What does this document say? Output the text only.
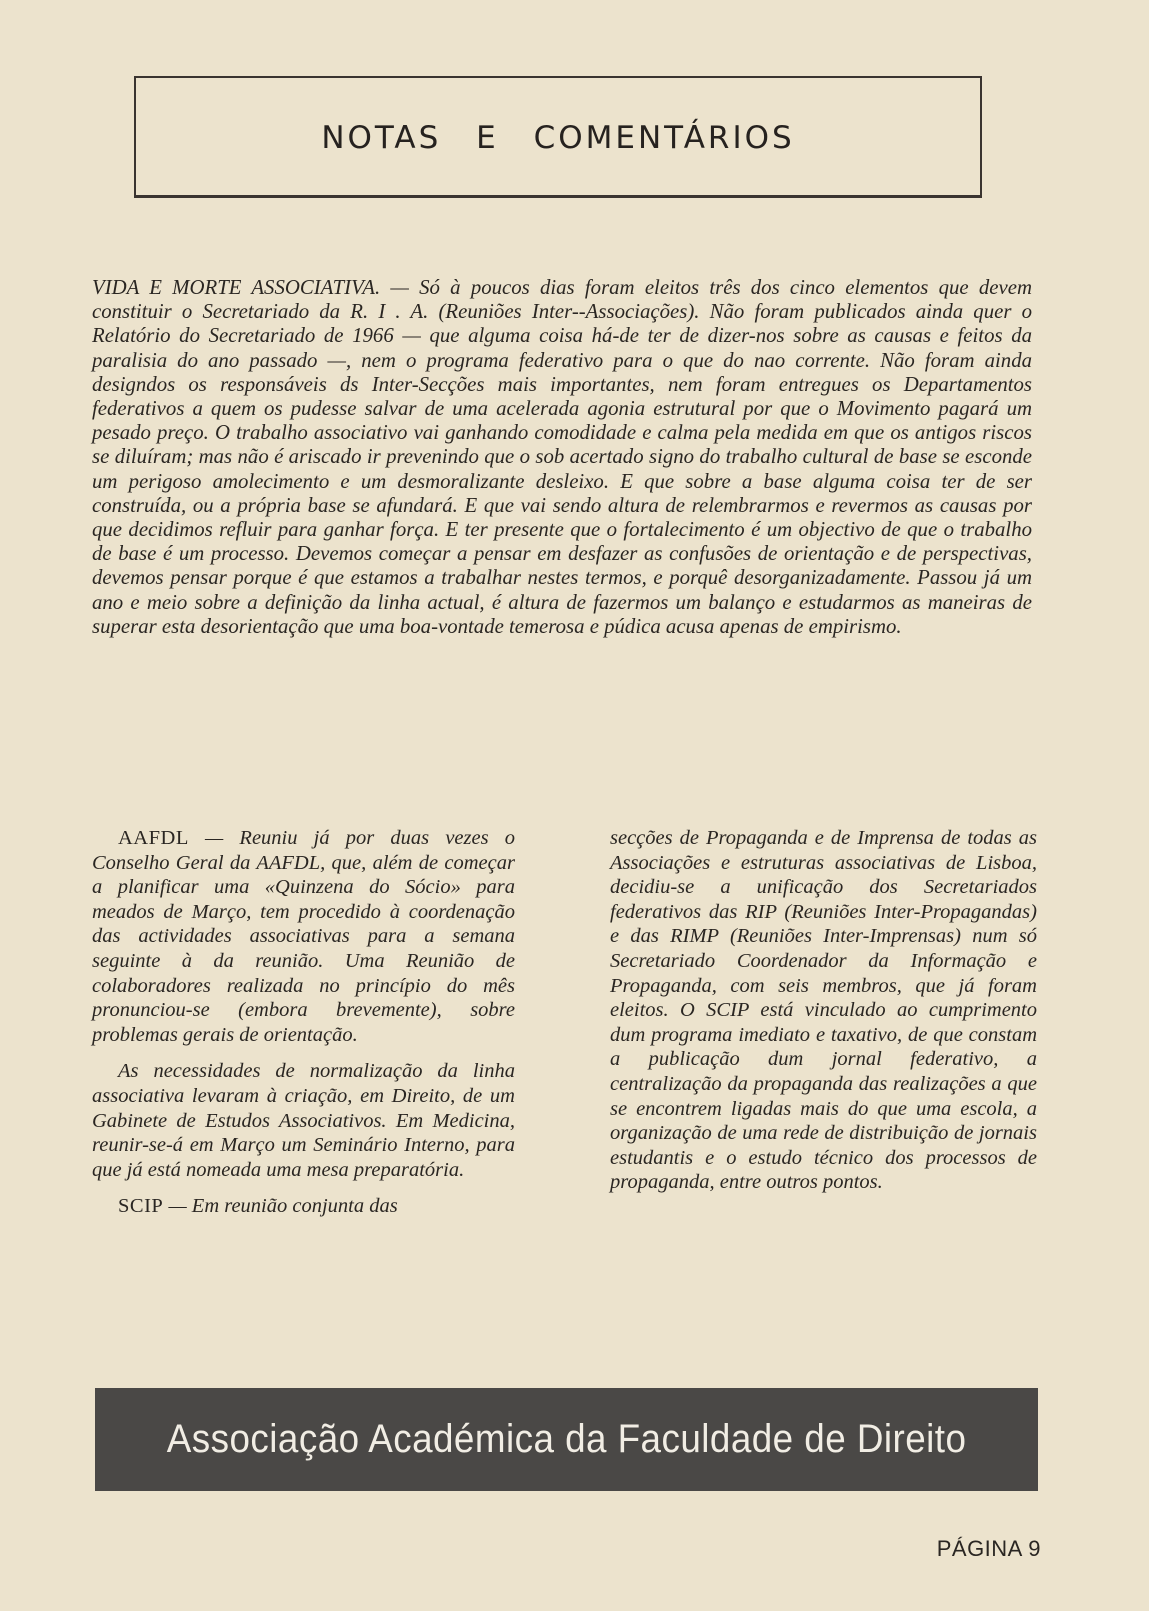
NOTAS E COMENTÁRIOS
VIDA E MORTE ASSOCIATIVA. — Só à poucos dias foram eleitos três dos cinco elementos que devem constituir o Secretariado da R. I . A. (Reuniões Inter--Associações). Não foram publicados ainda quer o Relatório do Secretariado de 1966 — que alguma coisa há-de ter de dizer-nos sobre as causas e feitos da paralisia do ano passado —, nem o programa federativo para o que do nao corrente. Não foram ainda designdos os responsáveis ds Inter-Secções mais importantes, nem foram entregues os Departamentos federativos a quem os pudesse salvar de uma acelerada agonia estrutural por que o Movimento pagará um pesado preço. O trabalho associativo vai ganhando comodidade e calma pela medida em que os antigos riscos se diluíram; mas não é ariscado ir prevenindo que o sob acertado signo do trabalho cultural de base se esconde um perigoso amolecimento e um desmoralizante desleixo. E que sobre a base alguma coisa ter de ser construída, ou a própria base se afundará. E que vai sendo altura de relembrarmos e revermos as causas por que decidimos refluir para ganhar força. E ter presente que o fortalecimento é um objectivo de que o trabalho de base é um processo. Devemos começar a pensar em desfazer as confusões de orientação e de perspectivas, devemos pensar porque é que estamos a trabalhar nestes termos, e porquê desorganizadamente. Passou já um ano e meio sobre a definição da linha actual, é altura de fazermos um balanço e estudarmos as maneiras de superar esta desorientação que uma boa-vontade temerosa e púdica acusa apenas de empirismo.

AAFDL — Reuniu já por duas vezes o Conselho Geral da AAFDL, que, além de começar a planificar uma «Quinzena do Sócio» para meados de Março, tem procedido à coordenação das actividades associativas para a semana seguinte à da reunião. Uma Reunião de colaboradores realizada no princípio do mês pronunciou-se (embora brevemente), sobre problemas gerais de orientação.

As necessidades de normalização da linha associativa levaram à criação, em Direito, de um Gabinete de Estudos Associativos. Em Medicina, reunir-se-á em Março um Seminário Interno, para que já está nomeada uma mesa preparatória.

SCIP — Em reunião conjunta das

secções de Propaganda e de Imprensa de todas as Associações e estruturas associativas de Lisboa, decidiu-se a unificação dos Secretariados federativos das RIP (Reuniões Inter-Propagandas) e das RIMP (Reuniões Inter-Imprensas) num só Secretariado Coordenador da Informação e Propaganda, com seis membros, que já foram eleitos. O SCIP está vinculado ao cumprimento dum programa imediato e taxativo, de que constam a publicação dum jornal federativo, a centralização da propaganda das realizações a que se encontrem ligadas mais do que uma escola, a organização de uma rede de distribuição de jornais estudantis e o estudo técnico dos processos de propaganda, entre outros pontos.

Associação Académica da Faculdade de Direito
PÁGINA 9
